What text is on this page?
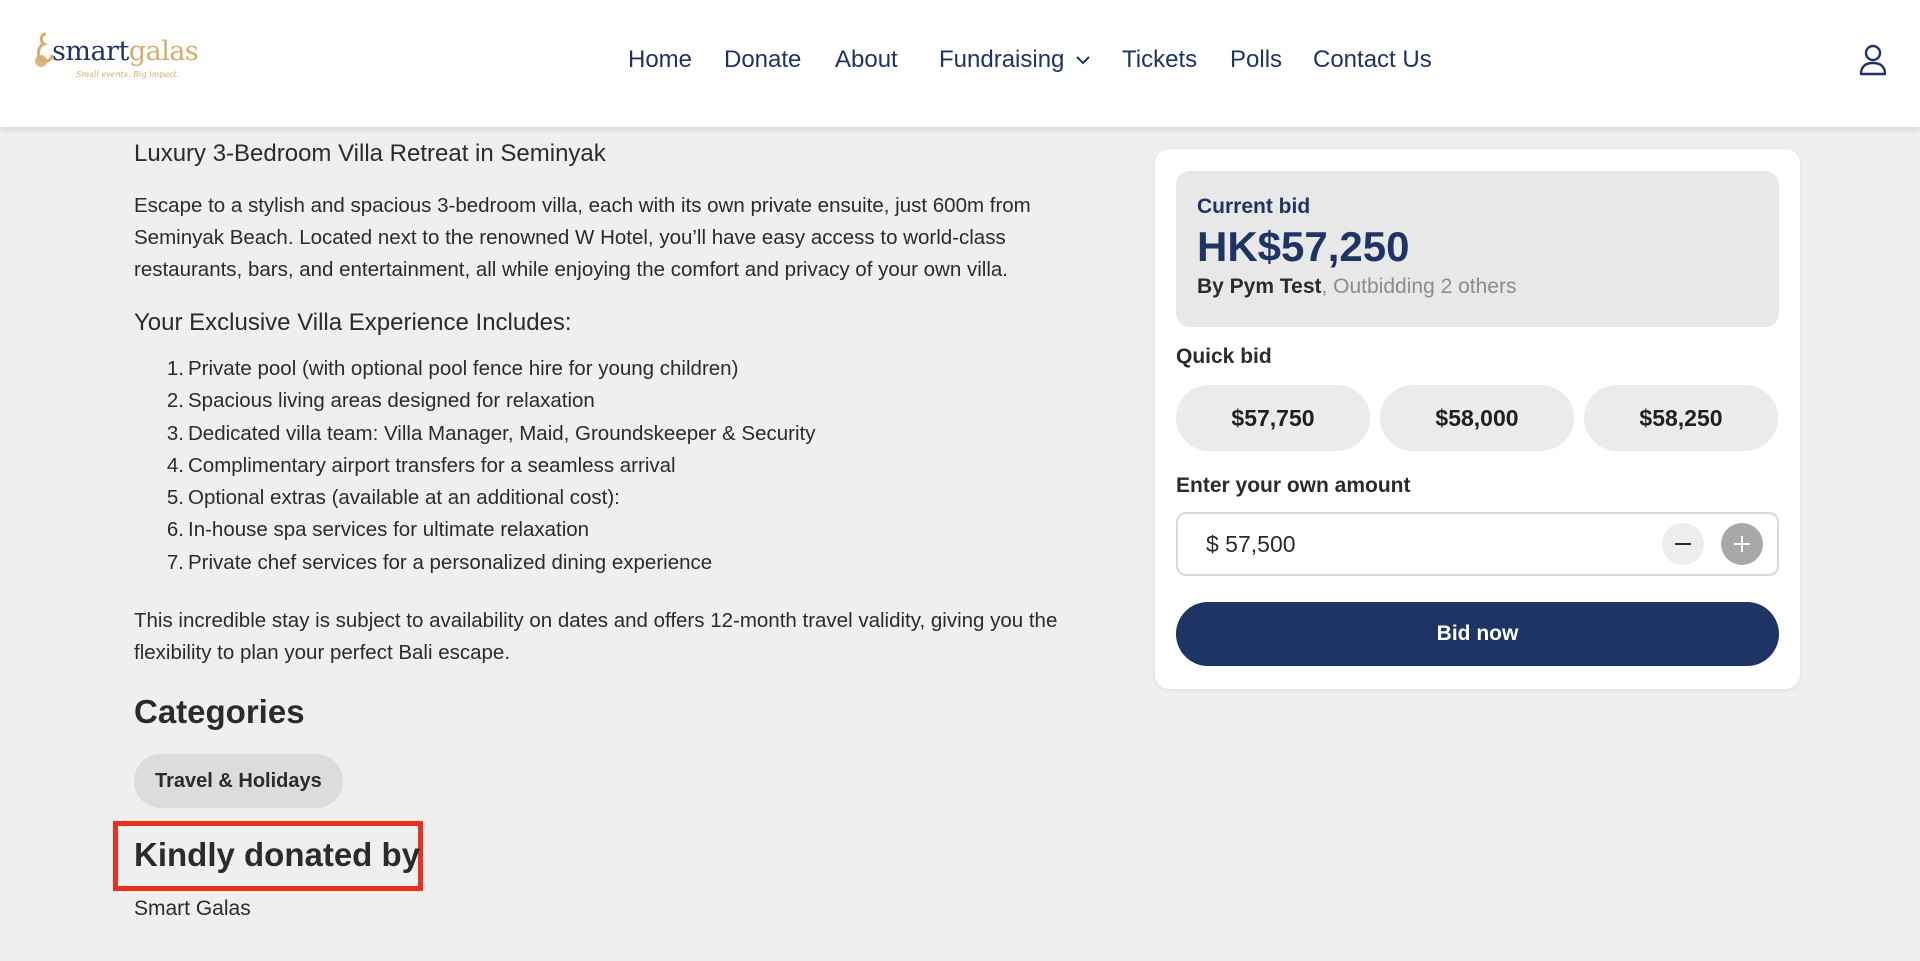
smartgalas
Small events. Big impact.
Home Donate About Fundraising Tickets Polls Contact Us
Luxury 3-Bedroom Villa Retreat in Seminyak

Escape to a stylish and spacious 3-bedroom villa, each with its own private ensuite, just 600m from Seminyak Beach. Located next to the renowned W Hotel, you’ll have easy access to world-class restaurants, bars, and entertainment, all while enjoying the comfort and privacy of your own villa.

Your Exclusive Villa Experience Includes:
1. Private pool (with optional pool fence hire for young children)
2. Spacious living areas designed for relaxation
3. Dedicated villa team: Villa Manager, Maid, Groundskeeper & Security
4. Complimentary airport transfers for a seamless arrival
5. Optional extras (available at an additional cost):
6. In-house spa services for ultimate relaxation
7. Private chef services for a personalized dining experience

This incredible stay is subject to availability on dates and offers 12-month travel validity, giving you the flexibility to plan your perfect Bali escape.

Categories
Travel & Holidays
Kindly donated by
Smart Galas
Current bid
HK$57,250
By Pym Test, Outbidding 2 others
Quick bid
$57,750	$58,000	$58,250
Enter your own amount
$ 57,500
Bid now
